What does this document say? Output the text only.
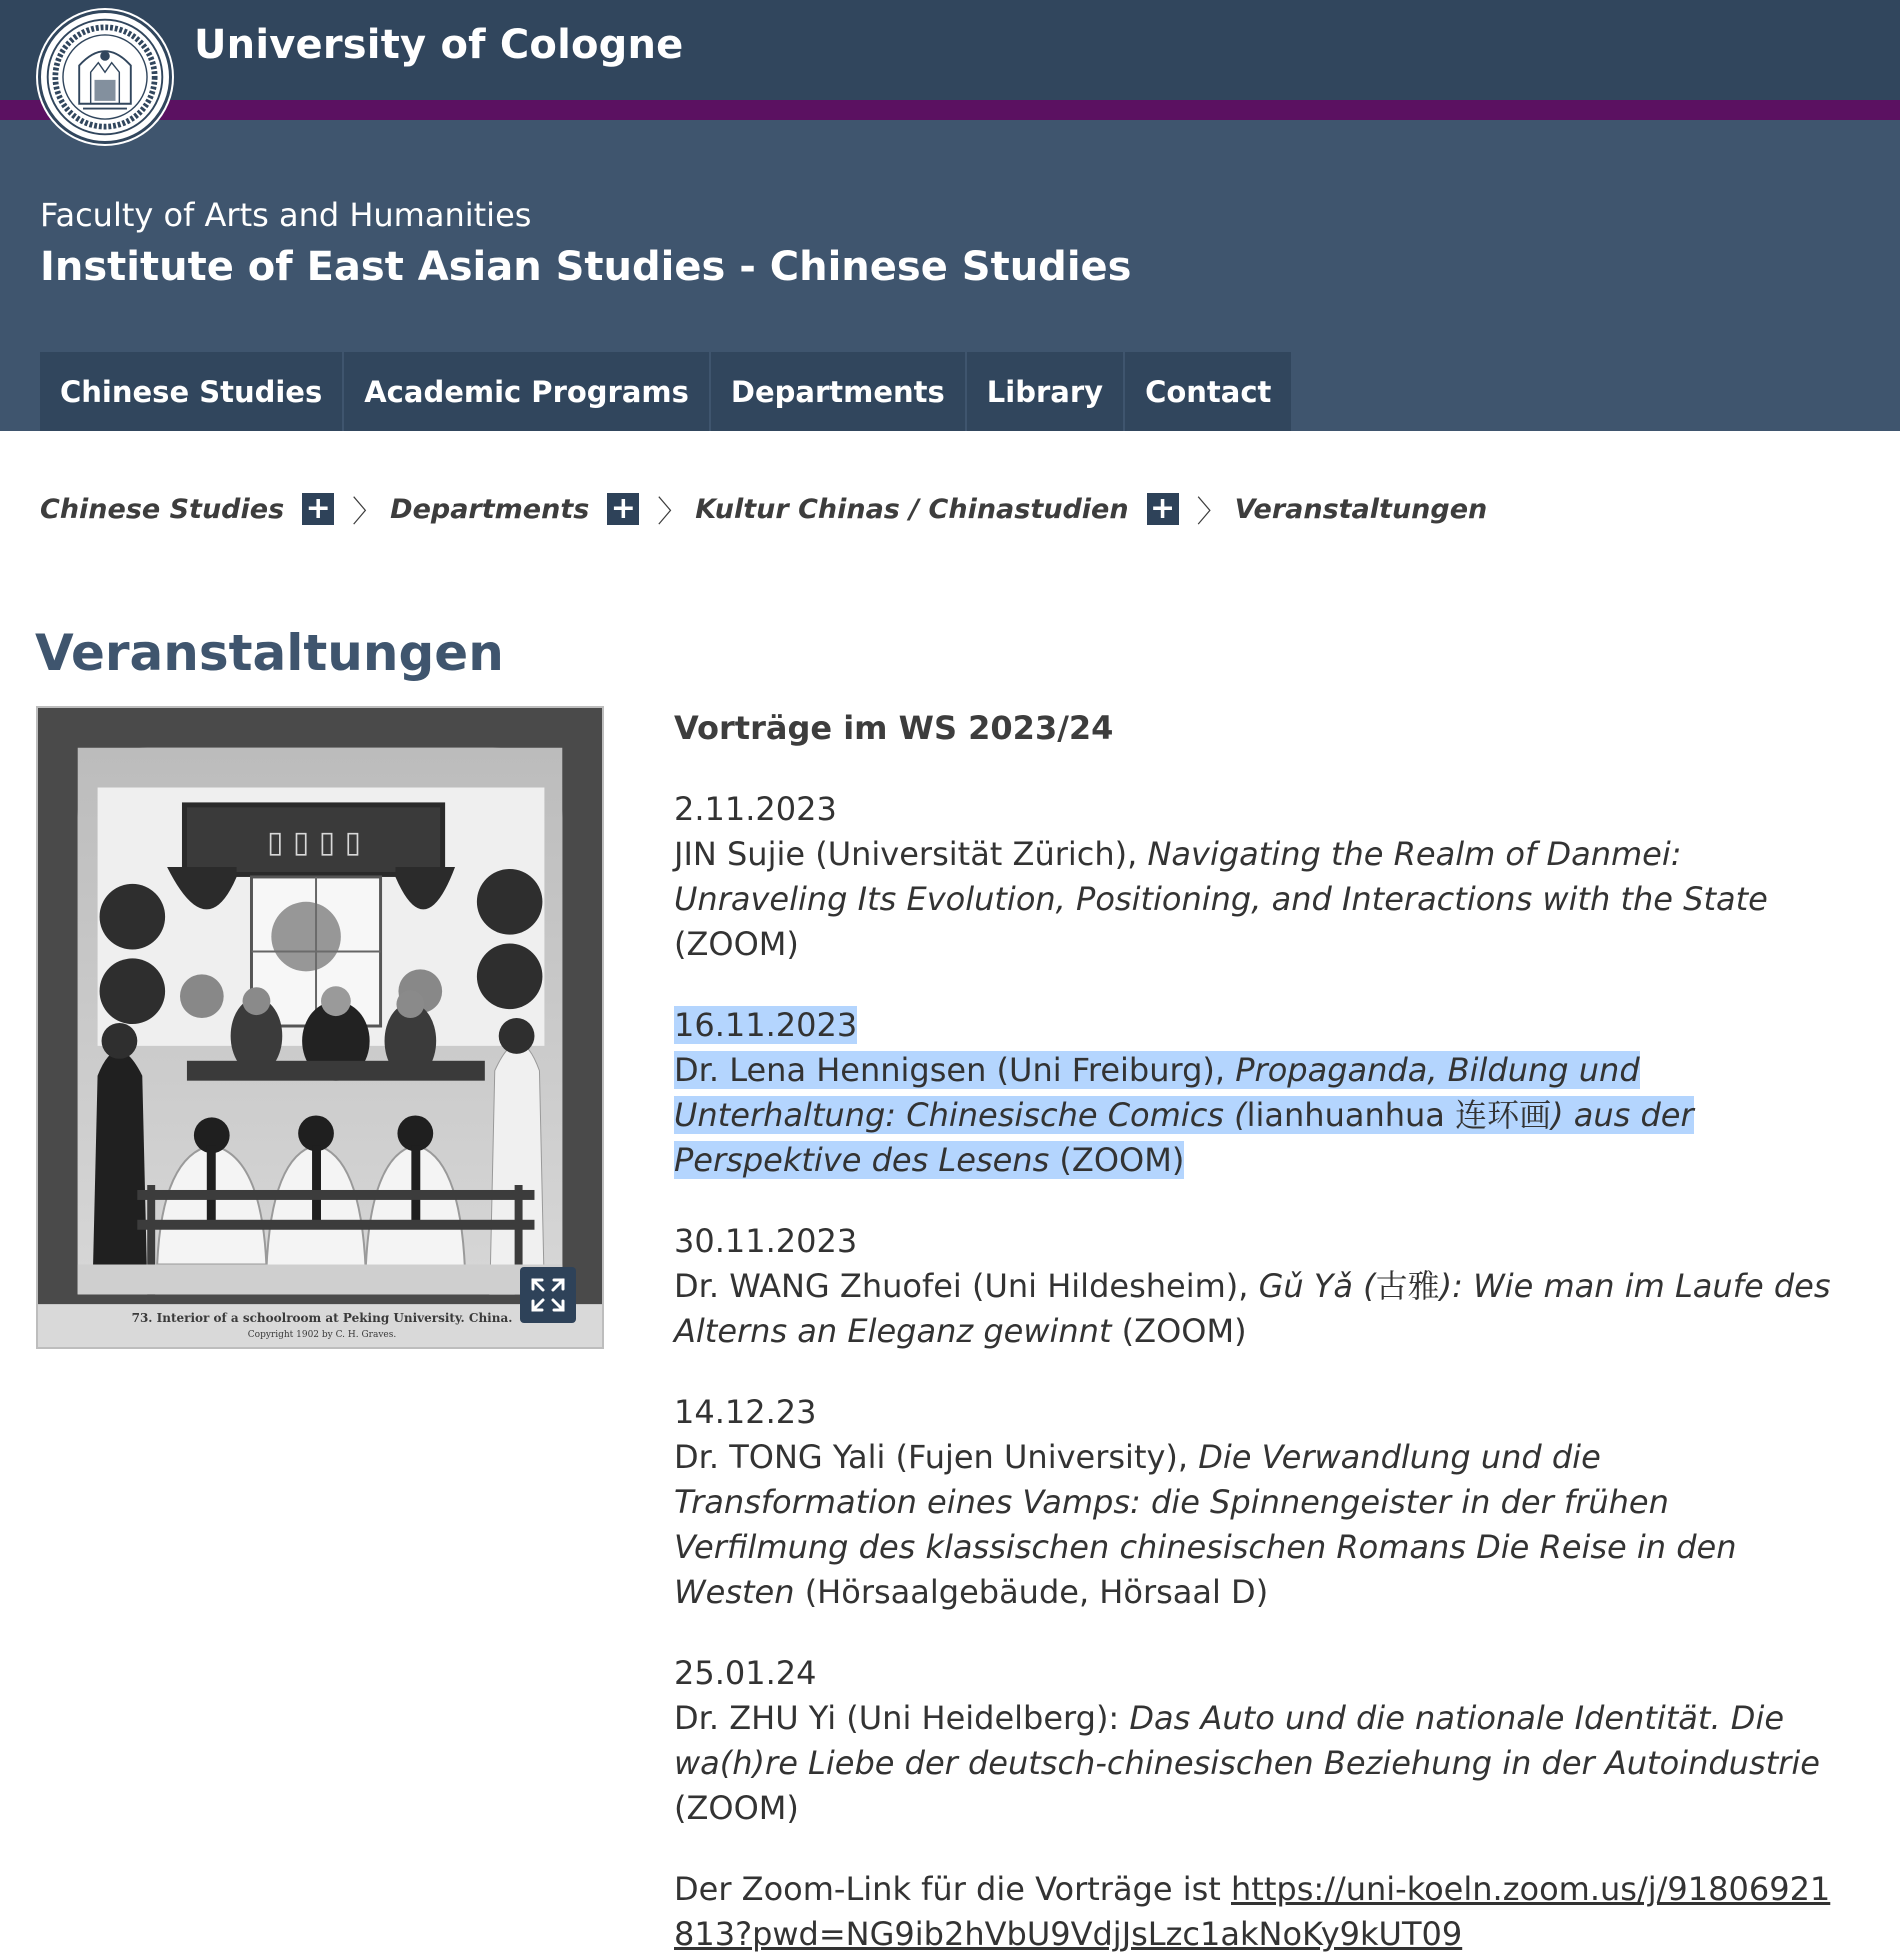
University of Cologne
Faculty of Arts and Humanities
Institute of East Asian Studies - Chinese Studies
Chinese Studies	Academic Programs	Departments	Library	Contact
Chinese Studies + 〉 Departments + 〉 Kultur Chinas / Chinastudien + 〉 Veranstaltungen
Veranstaltungen
▯ ▯ ▯ ▯
73. Interior of a schoolroom at Peking University. China.
Copyright 1902 by C. H. Graves.
Vorträge im WS 2023/24
2.11.2023
JIN Sujie (Universität Zürich), Navigating the Realm of Danmei: Unraveling Its Evolution, Positioning, and Interactions with the State (ZOOM)
16.11.2023
Dr. Lena Hennigsen (Uni Freiburg), Propaganda, Bildung und Unterhaltung: Chinesische Comics (lianhuanhua 连环画) aus der Perspektive des Lesens (ZOOM)
30.11.2023
Dr. WANG Zhuofei (Uni Hildesheim), Gǔ Yǎ (古雅): Wie man im Laufe des Alterns an Eleganz gewinnt (ZOOM)
14.12.23
Dr. TONG Yali (Fujen University), Die Verwandlung und die Transformation eines Vamps: die Spinnengeister in der frühen Verfilmung des klassischen chinesischen Romans Die Reise in den Westen (Hörsaalgebäude, Hörsaal D)
25.01.24
Dr. ZHU Yi (Uni Heidelberg): Das Auto und die nationale Identität. Die wa(h)re Liebe der deutsch-chinesischen Beziehung in der Autoindustrie (ZOOM)
Der Zoom-Link für die Vorträge ist https://uni-koeln.zoom.us/j/91806921813?pwd=NG9ib2hVbU9VdjJsLzc1akNoKy9kUT09
